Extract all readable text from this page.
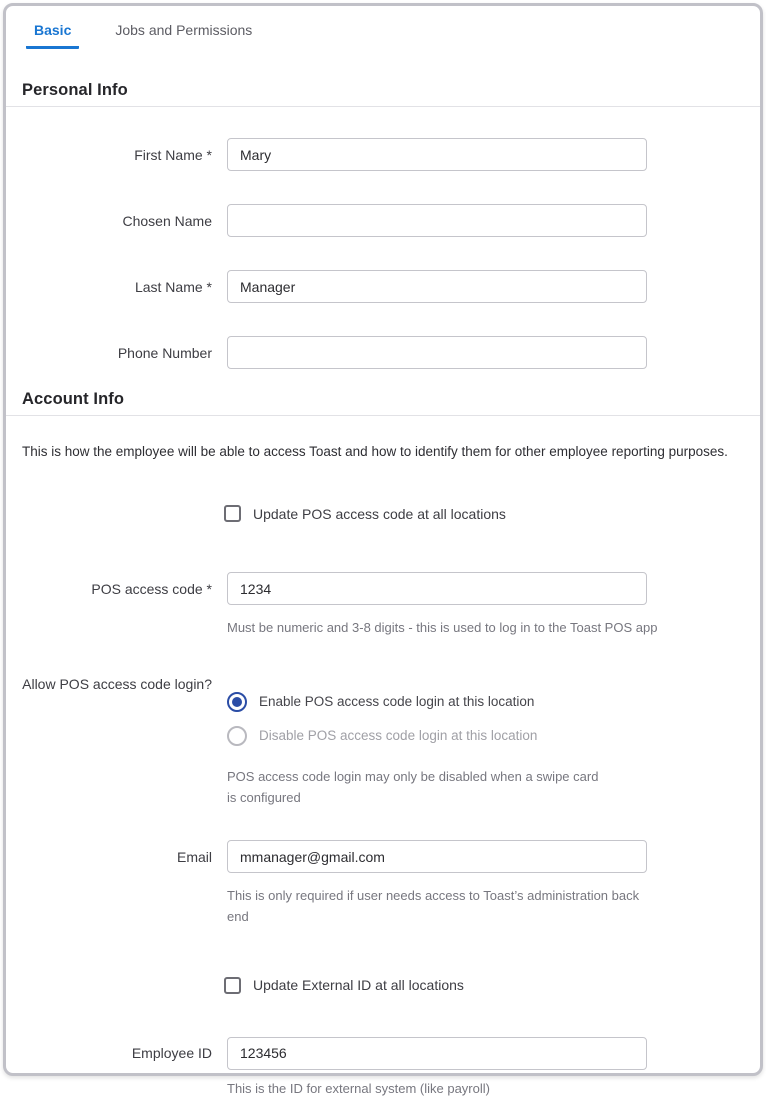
Basic	Jobs and Permissions
Personal Info
First Name *
Mary
Chosen Name
Last Name *
Manager
Phone Number
Account Info

This is how the employee will be able to access Toast and how to identify them for other employee reporting purposes.

Update POS access code at all locations
POS access code *
1234
Must be numeric and 3-8 digits - this is used to log in to the Toast POS app
Allow POS access code login?
Enable POS access code login at this location
Disable POS access code login at this location
POS access code login may only be disabled when a swipe card is configured
Email
mmanager@gmail.com
This is only required if user needs access to Toast’s administration back end
Update External ID at all locations
Employee ID
123456
This is the ID for external system (like payroll)
